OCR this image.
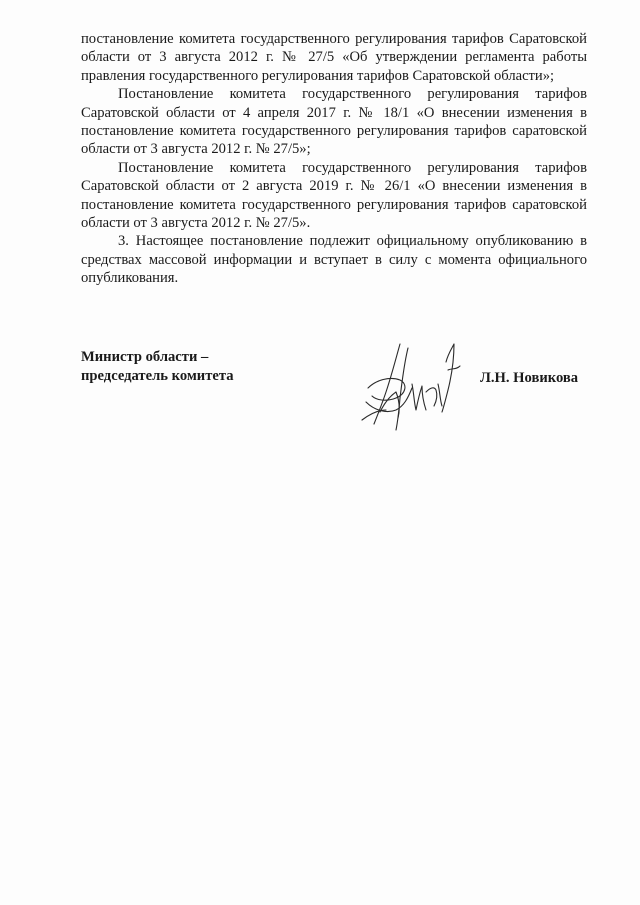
постановление комитета государственного регулирования тарифов Саратовской области от 3 августа 2012 г. № 27/5 «Об утверждении регламента работы правления государственного регулирования тарифов Саратовской области»;

Постановление комитета государственного регулирования тарифов Саратовской области от 4 апреля 2017 г. № 18/1 «О внесении изменения в постановление комитета государственного регулирования тарифов саратовской области от 3 августа 2012 г. № 27/5»;

Постановление комитета государственного регулирования тарифов Саратовской области от 2 августа 2019 г. № 26/1 «О внесении изменения в постановление комитета государственного регулирования тарифов саратовской области от 3 августа 2012 г. № 27/5».

3. Настоящее постановление подлежит официальному опубликованию в средствах массовой информации и вступает в силу с момента официального опубликования.

Министр области –
председатель комитета	Л.Н. Новикова
